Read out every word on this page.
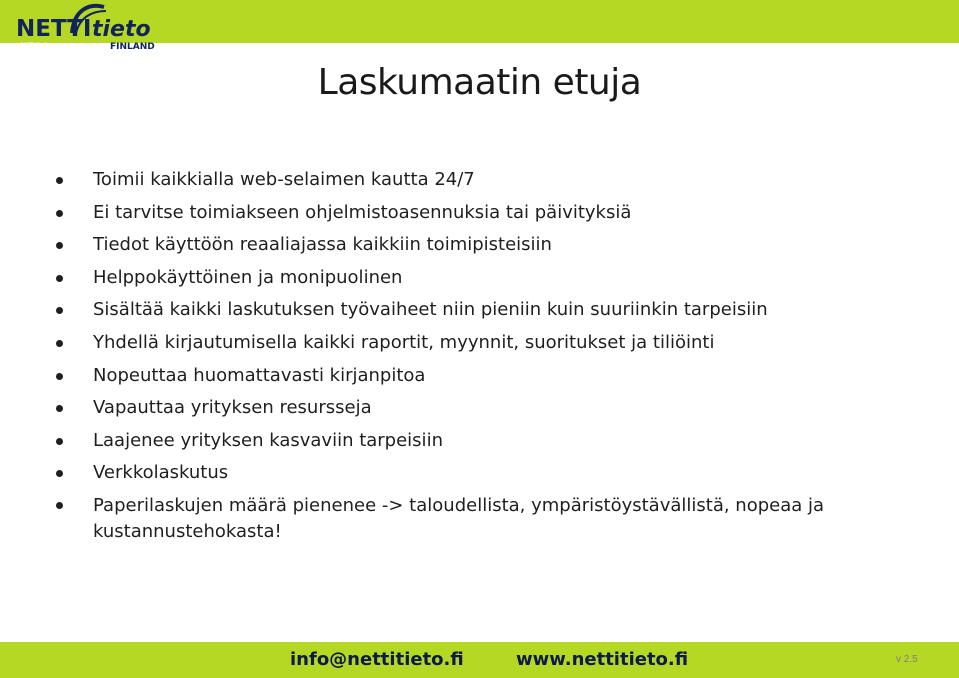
NETTI tieto
NTG®	FINLAND
Laskumaatin etuja
Toimii kaikkialla web-selaimen kautta 24/7
Ei tarvitse toimiakseen ohjelmistoasennuksia tai päivityksiä
Tiedot käyttöön reaaliajassa kaikkiin toimipisteisiin
Helppokäyttöinen ja monipuolinen
Sisältää kaikki laskutuksen työvaiheet niin pieniin kuin suuriinkin tarpeisiin
Yhdellä kirjautumisella kaikki raportit, myynnit, suoritukset ja tiliöinti
Nopeuttaa huomattavasti kirjanpitoa
Vapauttaa yrityksen resursseja
Laajenee yrityksen kasvaviin tarpeisiin
Verkkolaskutus
Paperilaskujen määrä pienenee -> taloudellista, ympäristöystävällistä, nopeaa ja kustannustehokasta!
info@nettitieto.fi	www.nettitieto.fi	v 2.5
